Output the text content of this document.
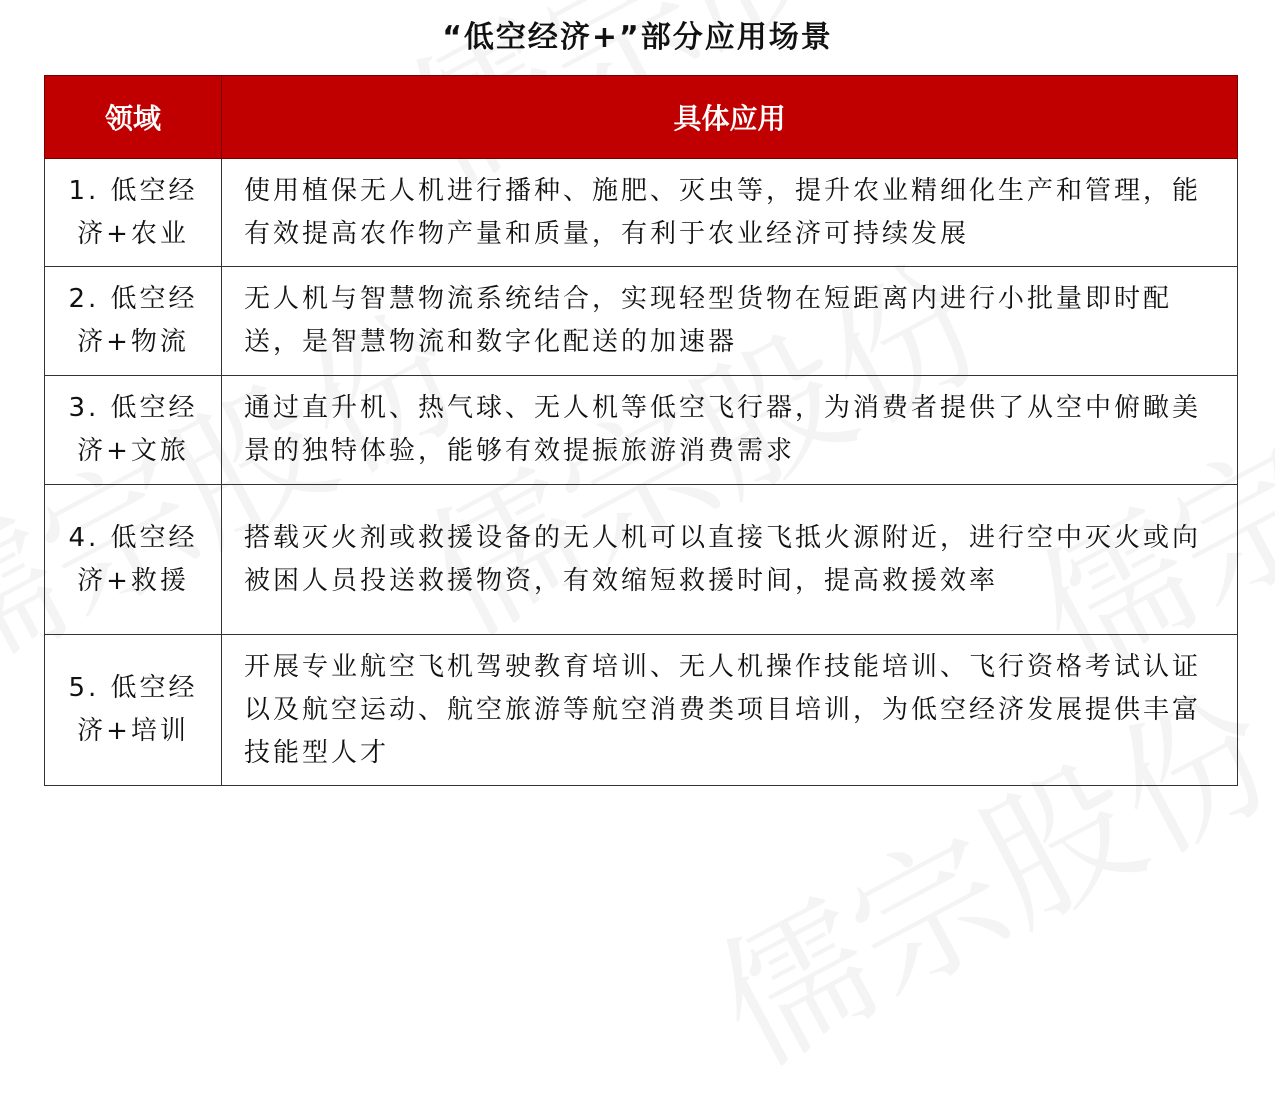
“低空经济+”部分应用场景
领域	具体应用
1. 低空经济+农业	使用植保无人机进行播种、施肥、灭虫等，提升农业精细化生产和管理，能有效提高农作物产量和质量，有利于农业经济可持续发展
2. 低空经济+物流	无人机与智慧物流系统结合，实现轻型货物在短距离内进行小批量即时配送，是智慧物流和数字化配送的加速器
3. 低空经济+文旅	通过直升机、热气球、无人机等低空飞行器，为消费者提供了从空中俯瞰美景的独特体验，能够有效提振旅游消费需求
4. 低空经济+救援	搭载灭火剂或救援设备的无人机可以直接飞抵火源附近，进行空中灭火或向被困人员投送救援物资，有效缩短救援时间，提高救援效率
5. 低空经济+培训	开展专业航空飞机驾驶教育培训、无人机操作技能培训、飞行资格考试认证以及航空运动、航空旅游等航空消费类项目培训，为低空经济发展提供丰富技能型人才
